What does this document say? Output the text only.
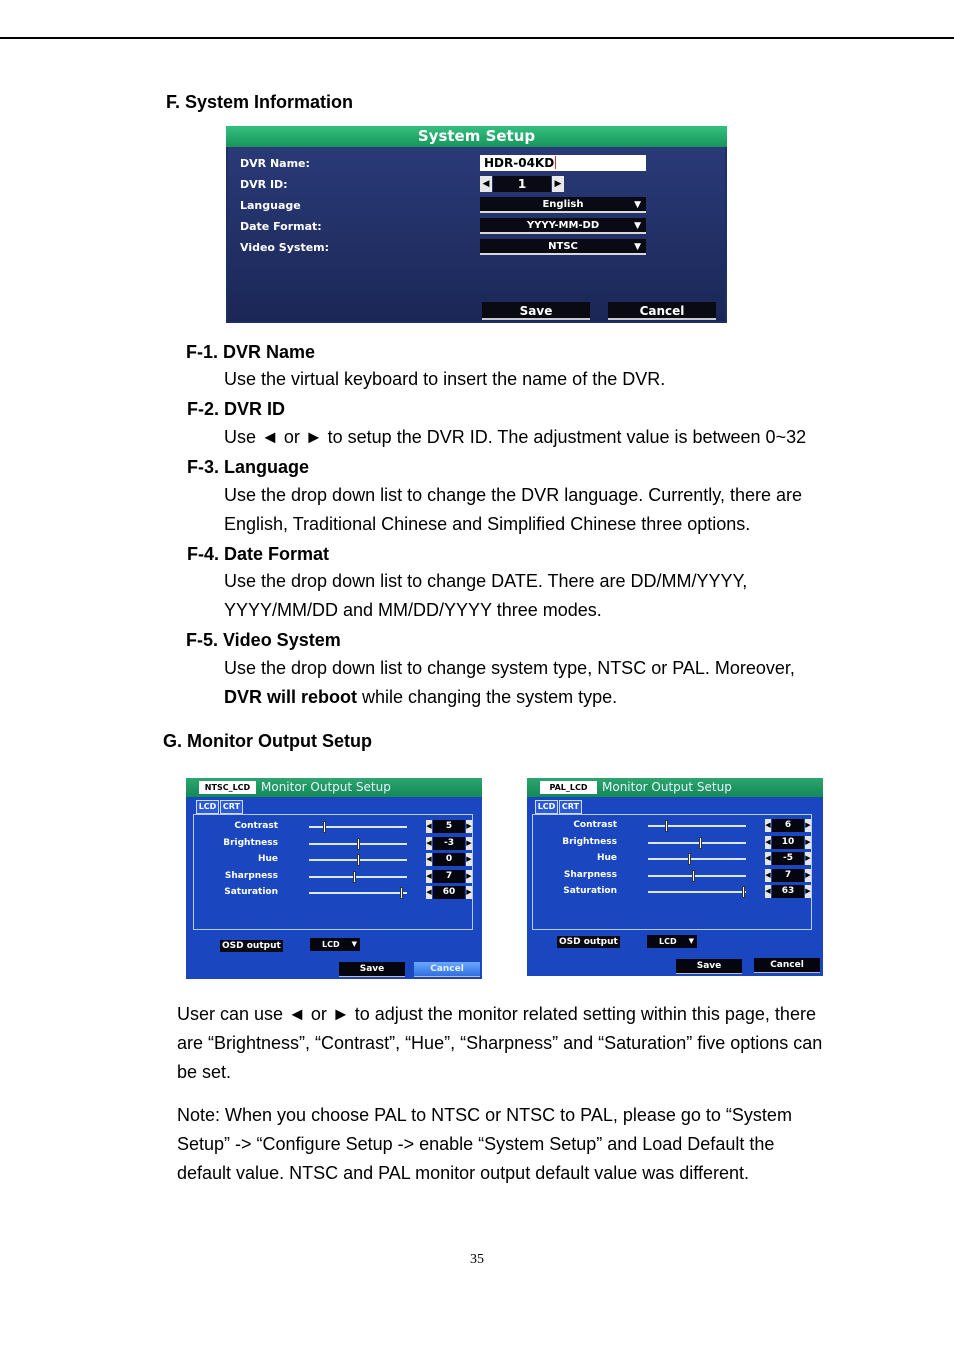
F. System Information
System Setup
DVR Name:	HDR-04KD
DVR ID:	◀	1	▶
Language	English	▼
Date Format:	YYYY-MM-DD	▼
Video System:	NTSC	▼
Save	Cancel
F-1. DVR Name
Use the virtual keyboard to insert the name of the DVR.
F-2. DVR ID
Use ◄ or ► to setup the DVR ID. The adjustment value is between 0~32
F-3. Language
Use the drop down list to change the DVR language. Currently, there are
English, Traditional Chinese and Simplified Chinese three options.
F-4. Date Format
Use the drop down list to change DATE. There are DD/MM/YYYY,
YYYY/MM/DD and MM/DD/YYYY three modes.
F-5. Video System
Use the drop down list to change system type, NTSC or PAL. Moreover,
DVR will reboot while changing the system type.
G. Monitor Output Setup
NTSC_LCD Monitor Output Setup
LCD CRT
Contrast	◀	5	▶
Brightness	◀	-3	▶
Hue	◀	0	▶
Sharpness	◀	7	▶
Saturation	◀	60	▶
OSD output	LCD ▼
Save	Cancel
PAL_LCD	Monitor Output Setup
LCD CRT
Contrast	◀	6	▶
Brightness	◀	10	▶
Hue	◀	-5	▶
Sharpness	◀	7	▶
Saturation	◀	63	▶
OSD output	LCD ▼
Save	Cancel
User can use ◄ or ► to adjust the monitor related setting within this page, there
are “Brightness”, “Contrast”, “Hue”, “Sharpness” and “Saturation” five options can
be set.
Note: When you choose PAL to NTSC or NTSC to PAL, please go to “System
Setup” -> “Configure Setup -> enable “System Setup” and Load Default the
default value. NTSC and PAL monitor output default value was different.
35
